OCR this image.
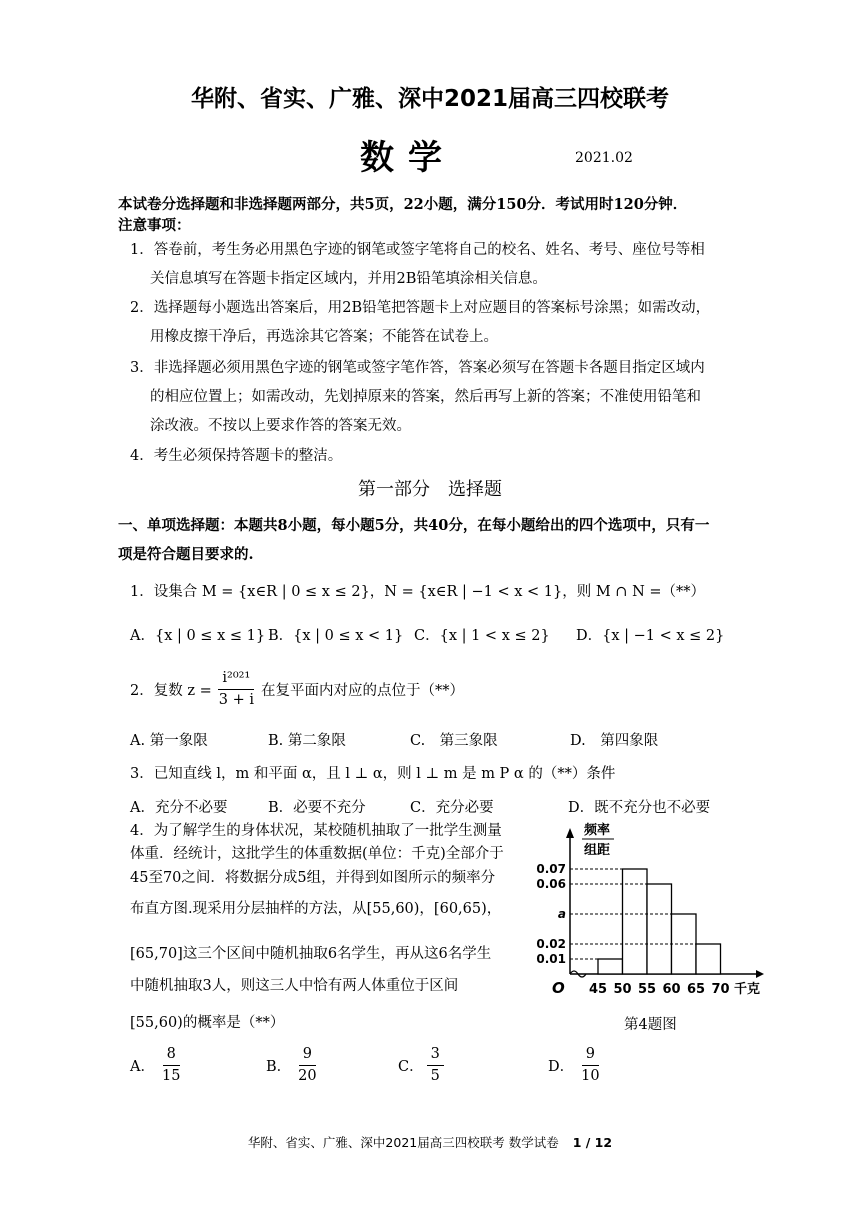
华附、省实、广雅、深中2021届高三四校联考
数学	2021.02
本试卷分选择题和非选择题两部分，共5页，22小题，满分150分．考试用时120分钟．
注意事项：
1．答卷前，考生务必用黑色字迹的钢笔或签字笔将自己的校名、姓名、考号、座位号等相
关信息填写在答题卡指定区域内，并用2B铅笔填涂相关信息。
2．选择题每小题选出答案后，用2B铅笔把答题卡上对应题目的答案标号涂黑；如需改动，
用橡皮擦干净后，再选涂其它答案；不能答在试卷上。
3．非选择题必须用黑色字迹的钢笔或签字笔作答，答案必须写在答题卡各题目指定区域内
的相应位置上；如需改动，先划掉原来的答案，然后再写上新的答案；不准使用铅笔和
涂改液。不按以上要求作答的答案无效。
4．考生必须保持答题卡的整洁。
第一部分　选择题
一、单项选择题：本题共8小题，每小题5分，共40分，在每小题给出的四个选项中，只有一
项是符合题目要求的.
1．设集合 M = {x∈R | 0 ≤ x ≤ 2}，N = {x∈R | −1 < x < 1}，则 M ∩ N =（**）
A．{x | 0 ≤ x ≤ 1} B．{x | 0 ≤ x < 1} C．{x | 1 < x ≤ 2} D．{x | −1 < x ≤ 2}
2．复数 $z = \frac{\text{i²⁰²¹}}{3 + i}$ 在复平面内对应的点位于（**）
A. 第一象限	B. 第二象限	C.　第三象限	D.　第四象限
3．已知直线 l，m 和平面 α，且 l ⊥ α，则 l ⊥ m 是 m P α 的（**）条件
A．充分不必要	B．必要不充分	C．充分必要	D．既不充分也不必要
4．为了解学生的身体状况，某校随机抽取了一批学生测量
体重．经统计，这批学生的体重数据(单位：千克)全部介于
45至70之间．将数据分成5组，并得到如图所示的频率分
布直方图.现采用分层抽样的方法，从[55,60)，[60,65)，
[65,70]这三个区间中随机抽取6名学生，再从这6名学生
中随机抽取3人，则这三人中恰有两人体重位于区间
[55,60)的概率是（**）
频率
组距
0.07
0.06
a
0.02
0.01
45 50 55 60 65 70 千克
O
第4题图
A． $\frac{8}{15}$	B． $\frac{9}{20}$	C． $\frac{3}{5}$	D． $\frac{9}{10}$
华附、省实、广雅、深中2021届高三四校联考 数学试卷 1 / 12
